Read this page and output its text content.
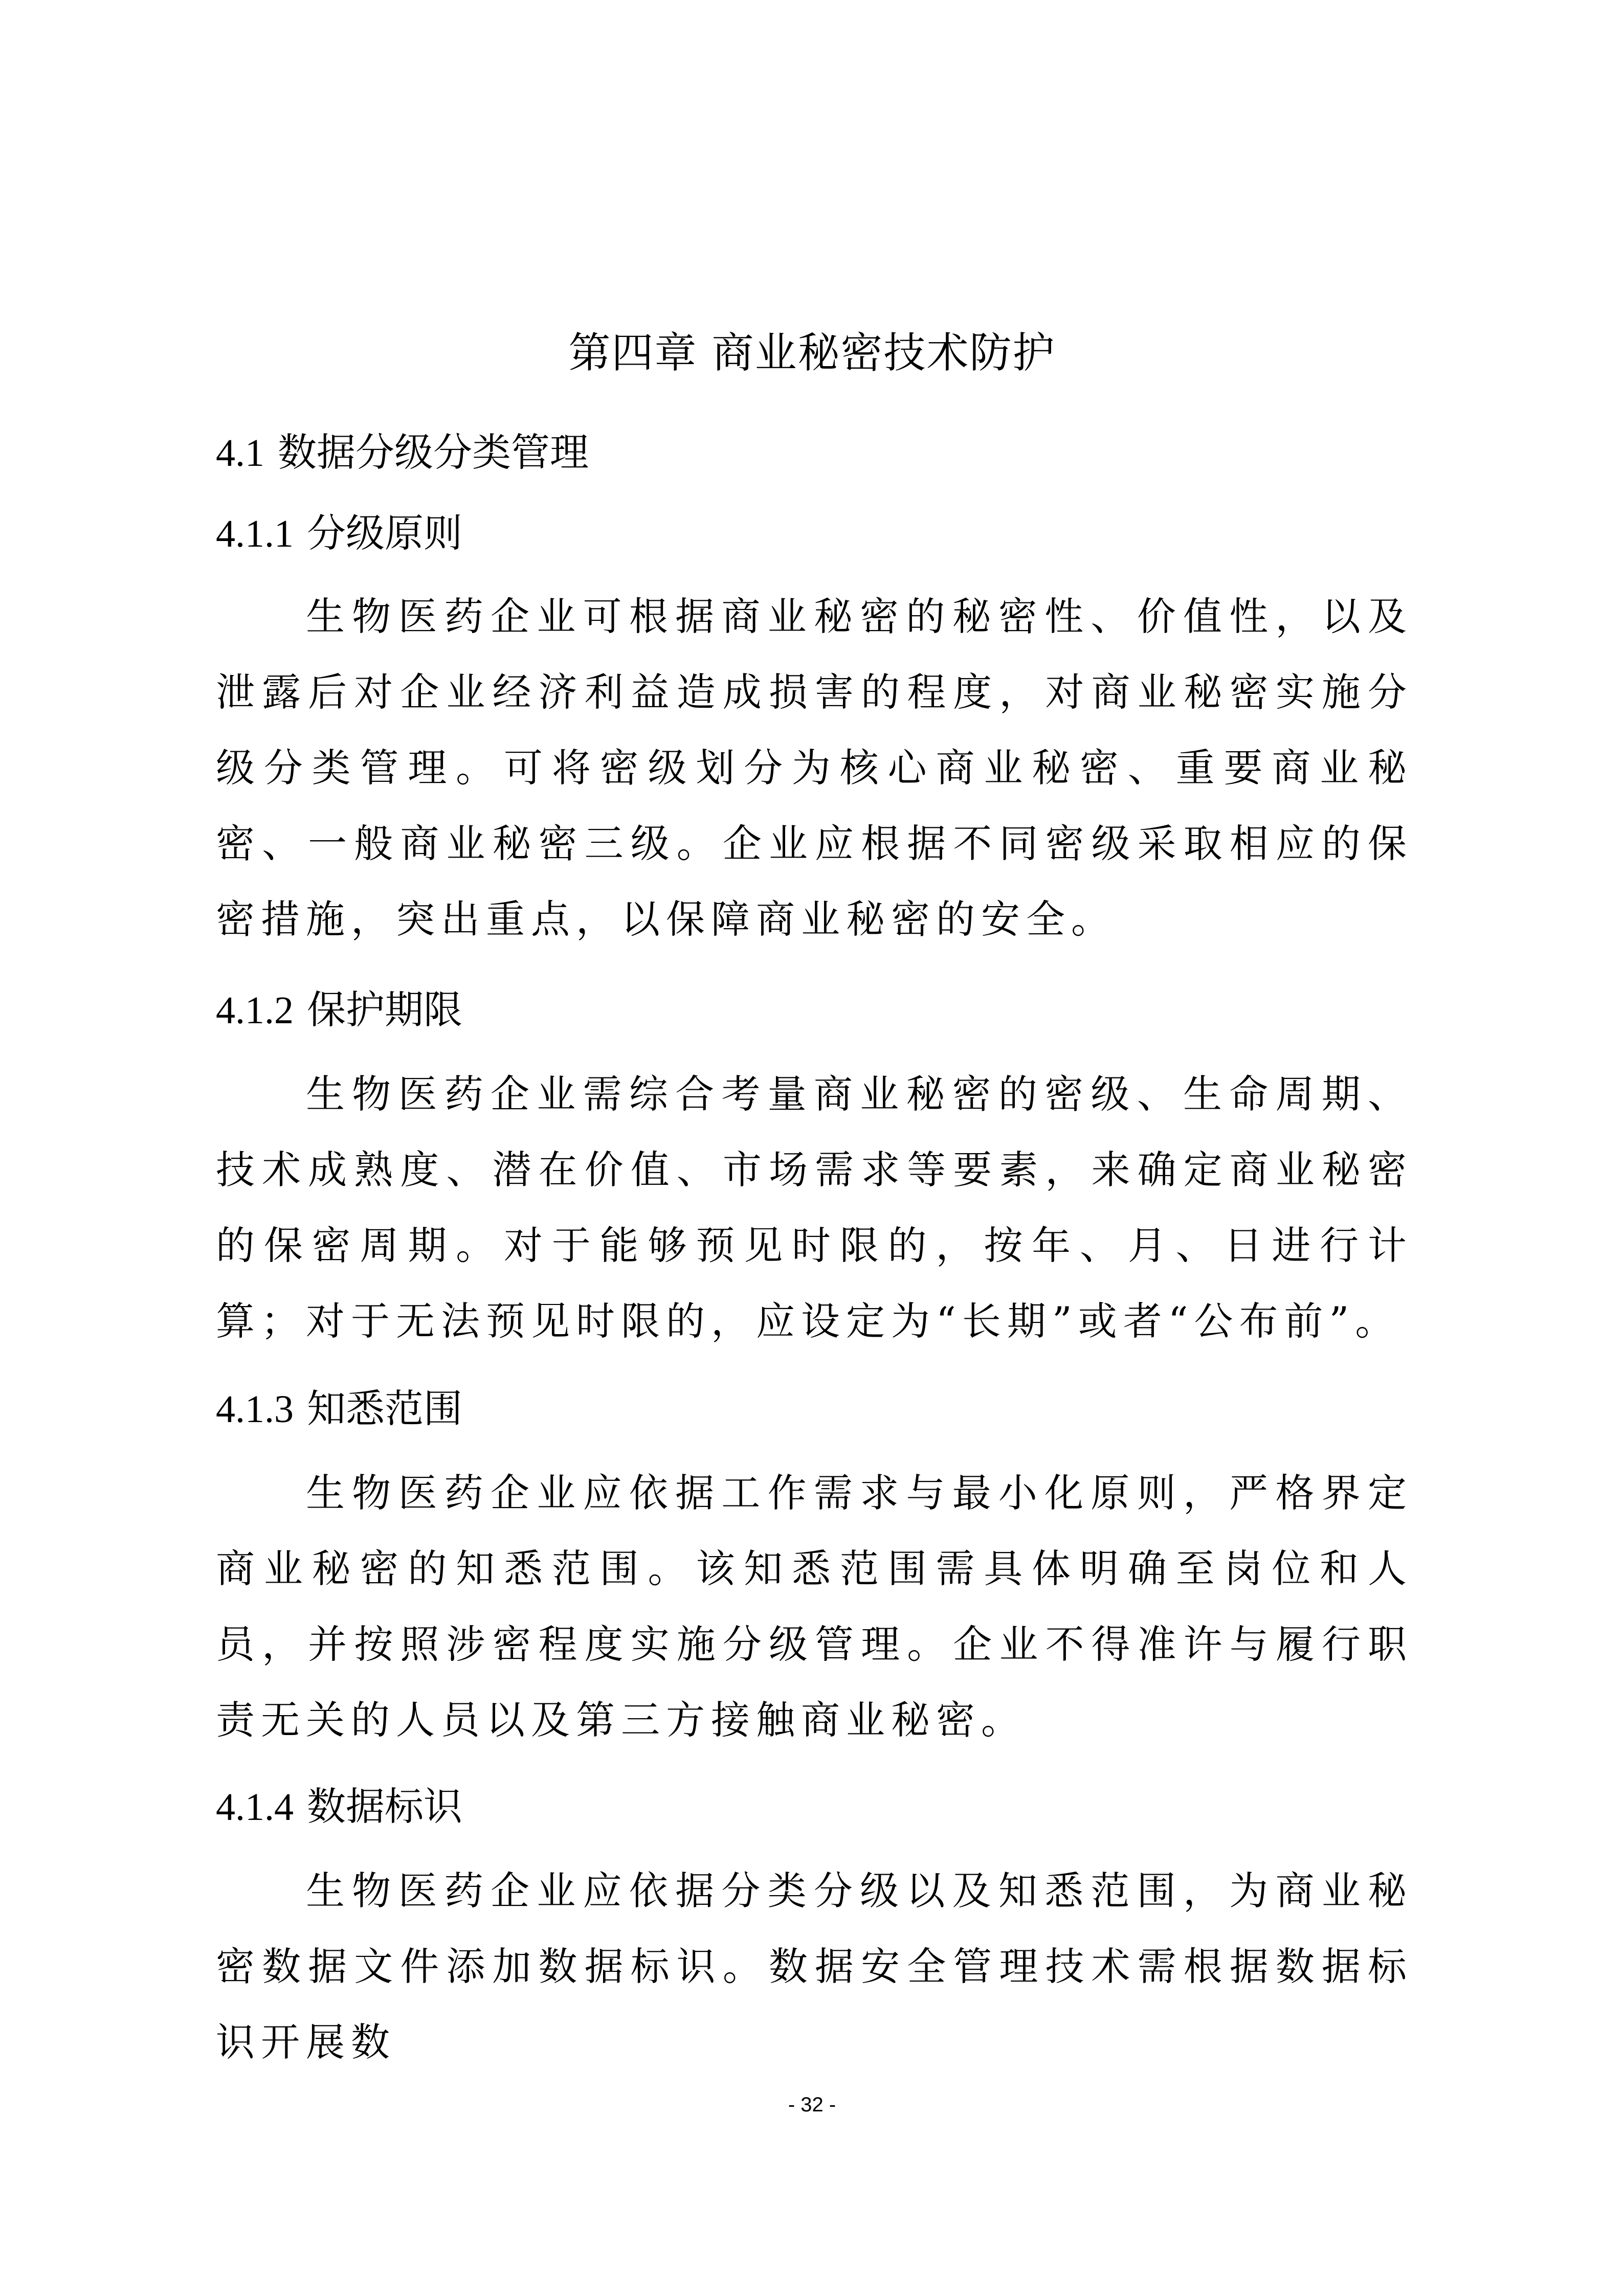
第四章 商业秘密技术防护
4.1 数据分级分类管理
4.1.1 分级原则

生物医药企业可根据商业秘密的秘密性、价值性，以及泄露后对企业经济利益造成损害的程度，对商业秘密实施分级分类管理。可将密级划分为核心商业秘密、重要商业秘密、一般商业秘密三级。企业应根据不同密级采取相应的保密措施，突出重点，以保障商业秘密的安全。

4.1.2 保护期限

生物医药企业需综合考量商业秘密的密级、生命周期、技术成熟度、潜在价值、市场需求等要素，来确定商业秘密的保密周期。对于能够预见时限的，按年、月、日进行计算；对于无法预见时限的，应设定为“长期”或者“公布前”。

4.1.3 知悉范围

生物医药企业应依据工作需求与最小化原则，严格界定商业秘密的知悉范围。该知悉范围需具体明确至岗位和人员，并按照涉密程度实施分级管理。企业不得准许与履行职责无关的人员以及第三方接触商业秘密。

4.1.4 数据标识

生物医药企业应依据分类分级以及知悉范围，为商业秘密数据文件添加数据标识。数据安全管理技术需根据数据标识开展数

- 32 -
